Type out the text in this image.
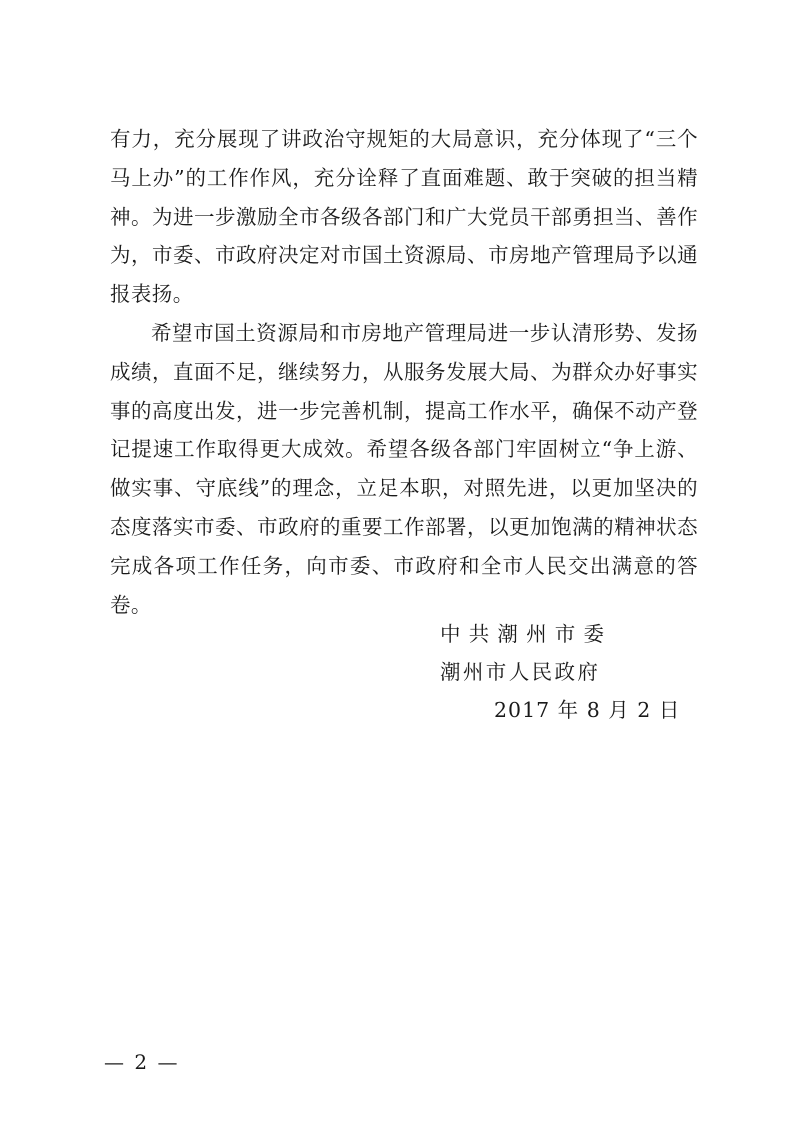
有力，充分展现了讲政治守规矩的大局意识，充分体现了“三个马上办”的工作作风，充分诠释了直面难题、敢于突破的担当精神。为进一步激励全市各级各部门和广大党员干部勇担当、善作为，市委、市政府决定对市国土资源局、市房地产管理局予以通报表扬。

希望市国土资源局和市房地产管理局进一步认清形势、发扬成绩，直面不足，继续努力，从服务发展大局、为群众办好事实事的高度出发，进一步完善机制，提高工作水平，确保不动产登记提速工作取得更大成效。希望各级各部门牢固树立“争上游、做实事、守底线”的理念，立足本职，对照先进，以更加坚决的态度落实市委、市政府的重要工作部署，以更加饱满的精神状态完成各项工作任务，向市委、市政府和全市人民交出满意的答卷。

中共潮州市委
潮州市人民政府
2017 年 8 月 2 日
— 2 —
